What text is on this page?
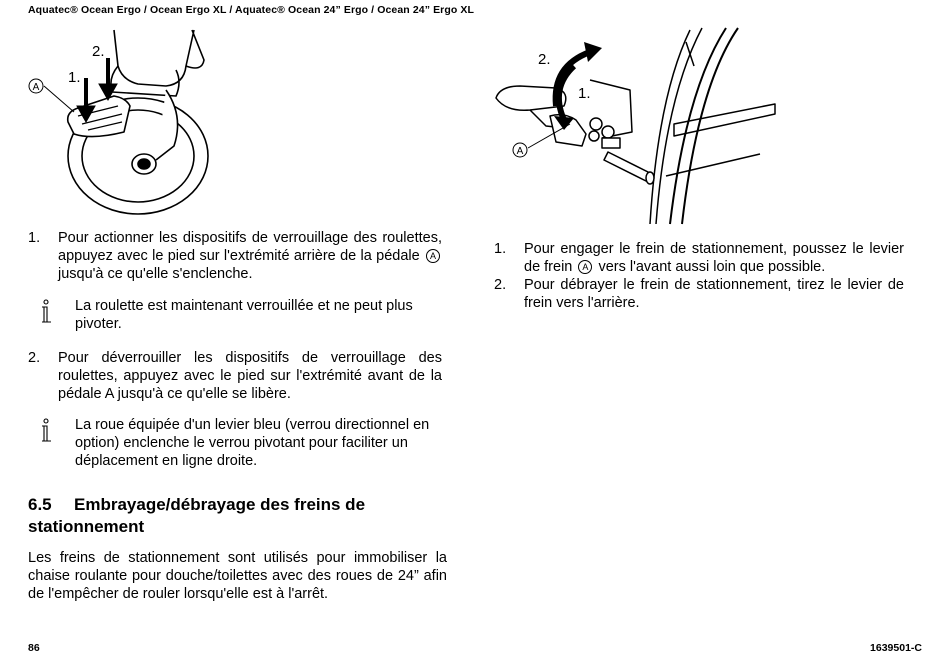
Aquatec® Ocean Ergo / Ocean Ergo XL / Aquatec® Ocean 24” Ergo / Ocean 24” Ergo XL
A
1.
2.
A
2.
1.
1.	Pour actionner les dispositifs de verrouillage des roulettes, appuyez avec le pied sur l'extrémité arrière de la pédale A jusqu'à ce qu'elle s'enclenche.
La roulette est maintenant verrouillée et ne peut plus pivoter.
2.	Pour déverrouiller les dispositifs de verrouillage des roulettes, appuyez avec le pied sur l'extrémité avant de la pédale A jusqu'à ce qu'elle se libère.
La roue équipée d'un levier bleu (verrou directionnel en option) enclenche le verrou pivotant pour faciliter un déplacement en ligne droite.
6.5 Embrayage/débrayage des freins de stationnement
Les freins de stationnement sont utilisés pour immobiliser la chaise roulante pour douche/toilettes avec des roues de 24” afin de l'empêcher de rouler lorsqu'elle est à l'arrêt.
1.	Pour engager le frein de stationnement, poussez le levier de frein A vers l'avant aussi loin que possible.
2.	Pour débrayer le frein de stationnement, tirez le levier de frein vers l'arrière.
86	1639501-C
